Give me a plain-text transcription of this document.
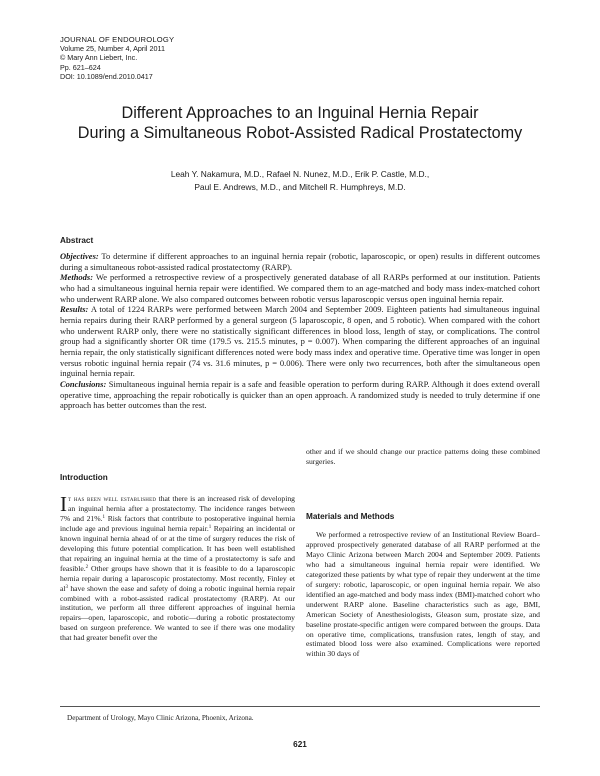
JOURNAL OF ENDOUROLOGY
Volume 25, Number 4, April 2011
© Mary Ann Liebert, Inc.
Pp. 621–624
DOI: 10.1089/end.2010.0417
Different Approaches to an Inguinal Hernia Repair
During a Simultaneous Robot-Assisted Radical Prostatectomy
Leah Y. Nakamura, M.D., Rafael N. Nunez, M.D., Erik P. Castle, M.D.,
Paul E. Andrews, M.D., and Mitchell R. Humphreys, M.D.
Abstract

Objectives: To determine if different approaches to an inguinal hernia repair (robotic, laparoscopic, or open) results in different outcomes during a simultaneous robot-assisted radical prostatectomy (RARP).

Methods: We performed a retrospective review of a prospectively generated database of all RARPs performed at our institution. Patients who had a simultaneous inguinal hernia repair were identified. We compared them to an age-matched and body mass index-matched cohort who underwent RARP alone. We also compared outcomes between robotic versus laparoscopic versus open inguinal hernia repair.

Results: A total of 1224 RARPs were performed between March 2004 and September 2009. Eighteen patients had simultaneous inguinal hernia repairs during their RARP performed by a general surgeon (5 laparoscopic, 8 open, and 5 robotic). When compared with the cohort who underwent RARP only, there were no statistically significant differences in blood loss, length of stay, or complications. The control group had a significantly shorter OR time (179.5 vs. 215.5 minutes, p = 0.007). When comparing the different approaches of an inguinal hernia repair, the only statistically significant differences noted were body mass index and operative time. Operative time was longer in open versus robotic inguinal hernia repair (74 vs. 31.6 minutes, p = 0.006). There were only two recurrences, both after the simultaneous open inguinal hernia repair.

Conclusions: Simultaneous inguinal hernia repair is a safe and feasible operation to perform during RARP. Although it does extend overall operative time, approaching the repair robotically is quicker than an open approach. A randomized study is needed to truly determine if one approach has better outcomes than the rest.

Introduction

It has been well established that there is an increased risk of developing an inguinal hernia after a prostatectomy. The incidence ranges between 7% and 21%.$^1$ Risk factors that contribute to postoperative inguinal hernia include age and previous inguinal hernia repair.$^1$ Repairing an incidental or known inguinal hernia ahead of or at the time of surgery reduces the risk of developing this future potential complication. It has been well established that repairing an inguinal hernia at the time of a prostatectomy is safe and feasible.$^2$ Other groups have shown that it is feasible to do a laparoscopic hernia repair during a laparoscopic prostatectomy. Most recently, Finley et $al^3$ have shown the ease and safety of doing a robotic inguinal hernia repair combined with a robot-assisted radical prostatectomy (RARP). At our institution, we perform all three different approaches of inguinal hernia repairs—open, laparoscopic, and robotic—during a robotic prostatectomy based on surgeon preference. We wanted to see if there was one modality that had greater benefit over the

other and if we should change our practice patterns doing these combined surgeries.

Materials and Methods

We performed a retrospective review of an Institutional Review Board–approved prospectively generated database of all RARP performed at the Mayo Clinic Arizona between March 2004 and September 2009. Patients who had a simultaneous inguinal hernia repair were identified. We categorized these patients by what type of repair they underwent at the time of surgery: robotic, laparoscopic, or open inguinal hernia repair. We also identified an age-matched and body mass index (BMI)-matched cohort who underwent RARP alone. Baseline characteristics such as age, BMI, American Society of Anesthesiologists, Gleason sum, prostate size, and baseline prostate-specific antigen were compared between the groups. Data on operative time, complications, transfusion rates, length of stay, and estimated blood loss were also examined. Complications were reported within 30 days of

Department of Urology, Mayo Clinic Arizona, Phoenix, Arizona.
621
